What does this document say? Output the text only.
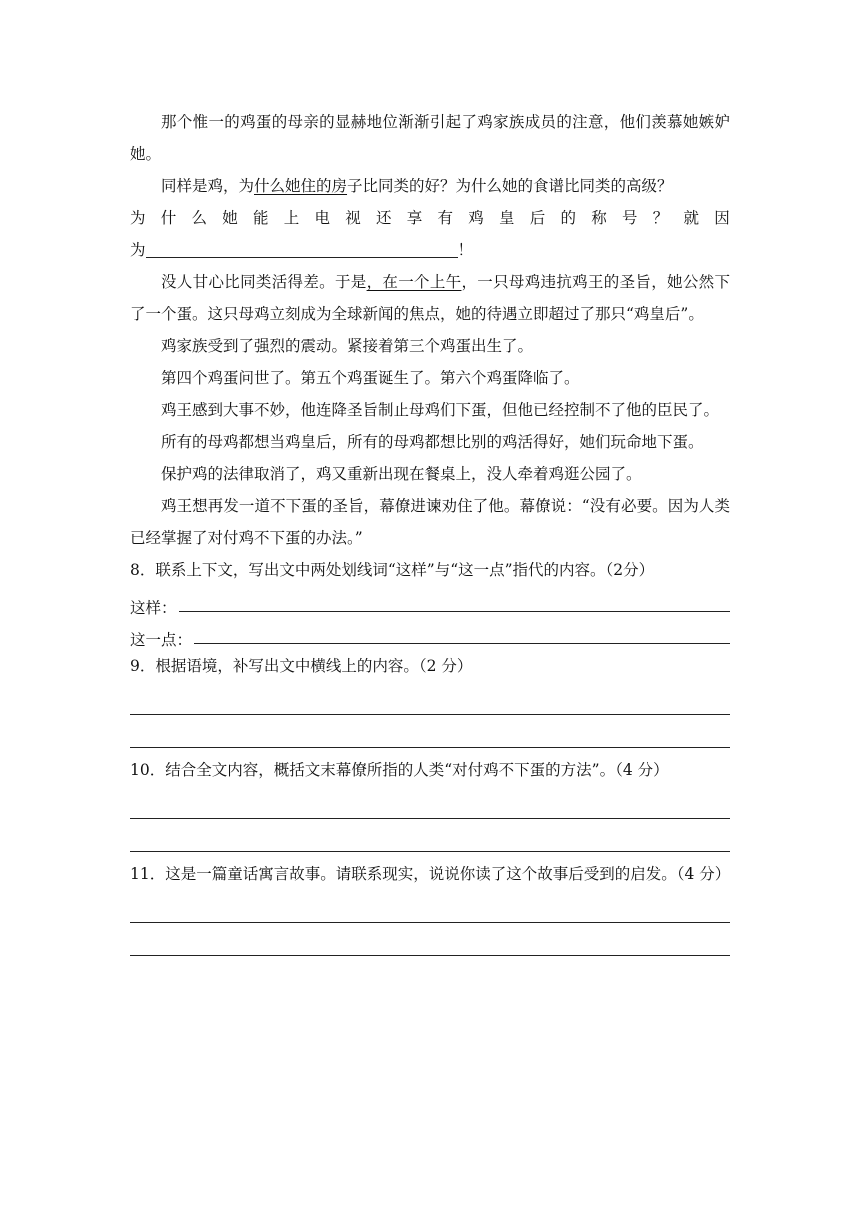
那个惟一的鸡蛋的母亲的显赫地位渐渐引起了鸡家族成员的注意，他们羡慕她嫉妒她。

同样是鸡，为什么她住的房子比同类的好？为什么她的食谱比同类的高级？

为 什 么 她 能 上 电 视 还 享 有 鸡 皇 后 的 称 号 ？ 就 因

为	！

没人甘心比同类活得差。于是，在一个上午，一只母鸡违抗鸡王的圣旨，她公然下了一个蛋。这只母鸡立刻成为全球新闻的焦点，她的待遇立即超过了那只“鸡皇后”。

鸡家族受到了强烈的震动。紧接着第三个鸡蛋出生了。

第四个鸡蛋问世了。第五个鸡蛋诞生了。第六个鸡蛋降临了。

鸡王感到大事不妙，他连降圣旨制止母鸡们下蛋，但他已经控制不了他的臣民了。

所有的母鸡都想当鸡皇后，所有的母鸡都想比别的鸡活得好，她们玩命地下蛋。

保护鸡的法律取消了，鸡又重新出现在餐桌上，没人牵着鸡逛公园了。

鸡王想再发一道不下蛋的圣旨，幕僚进谏劝住了他。幕僚说：“没有必要。因为人类已经掌握了对付鸡不下蛋的办法。”

8．联系上下文，写出文中两处划线词“这样”与“这一点”指代的内容。（2分）

这样：
这一点：

9．根据语境，补写出文中横线上的内容。（2 分）

10．结合全文内容，概括文末幕僚所指的人类“对付鸡不下蛋的方法”。（4 分）

11．这是一篇童话寓言故事。请联系现实，说说你读了这个故事后受到的启发。（4 分）
